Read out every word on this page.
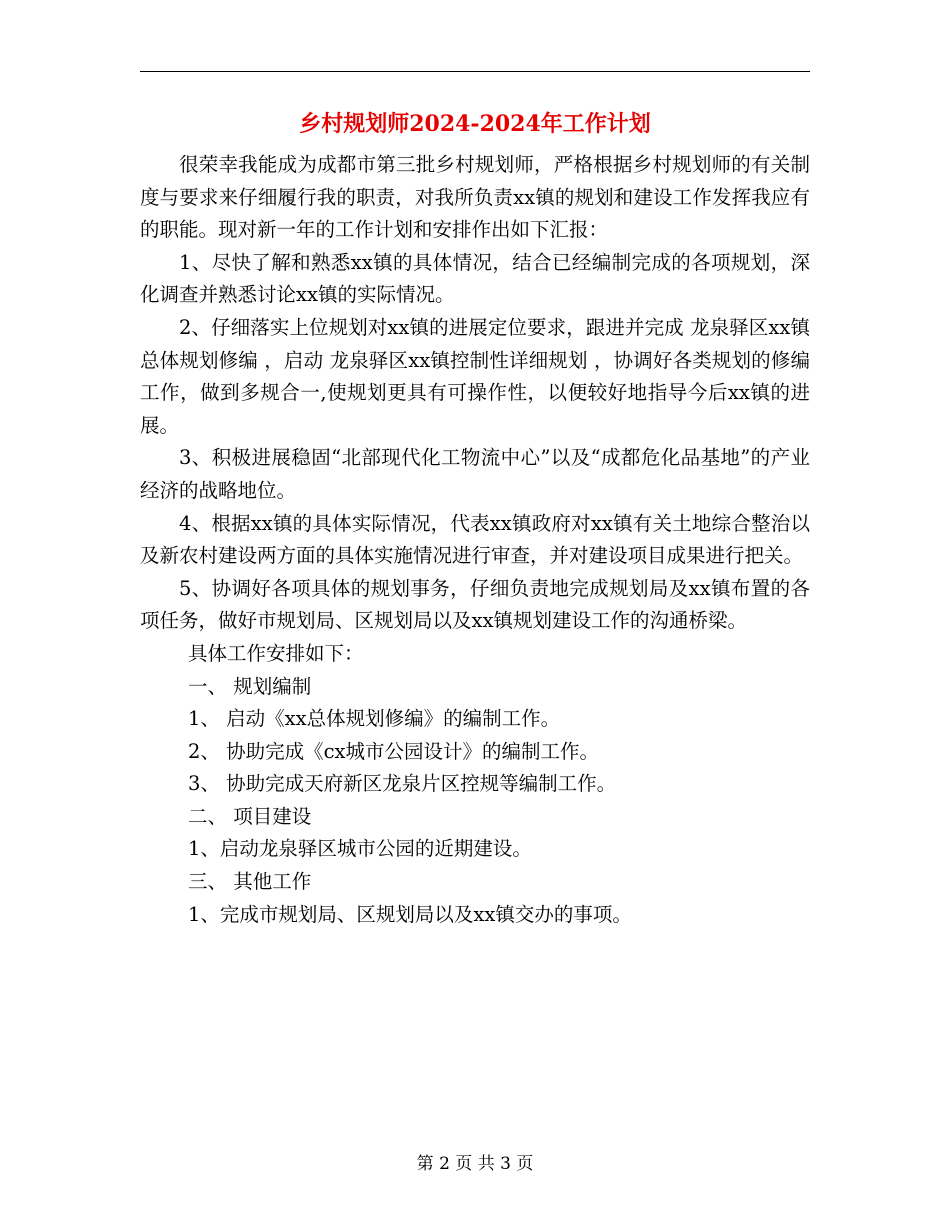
乡村规划师2024-2024年工作计划

很荣幸我能成为成都市第三批乡村规划师，严格根据乡村规划师的有关制度与要求来仔细履行我的职责，对我所负责xx镇的规划和建设工作发挥我应有的职能。现对新一年的工作计划和安排作出如下汇报：

1、尽快了解和熟悉xx镇的具体情况，结合已经编制完成的各项规划，深化调查并熟悉讨论xx镇的实际情况。

2、仔细落实上位规划对xx镇的进展定位要求，跟进并完成 龙泉驿区xx镇总体规划修编 ，启动 龙泉驿区xx镇控制性详细规划 ，协调好各类规划的修编工作，做到多规合一,使规划更具有可操作性，以便较好地指导今后xx镇的进展。

3、积极进展稳固“北部现代化工物流中心”以及“成都危化品基地”的产业经济的战略地位。

4、根据xx镇的具体实际情况，代表xx镇政府对xx镇有关土地综合整治以及新农村建设两方面的具体实施情况进行审查，并对建设项目成果进行把关。

5、协调好各项具体的规划事务，仔细负责地完成规划局及xx镇布置的各项任务，做好市规划局、区规划局以及xx镇规划建设工作的沟通桥梁。

具体工作安排如下：

一、 规划编制

1、 启动《xx总体规划修编》的编制工作。

2、 协助完成《cx城市公园设计》的编制工作。

3、 协助完成天府新区龙泉片区控规等编制工作。

二、 项目建设

1、启动龙泉驿区城市公园的近期建设。

三、 其他工作

1、完成市规划局、区规划局以及xx镇交办的事项。

第 2 页 共 3 页
